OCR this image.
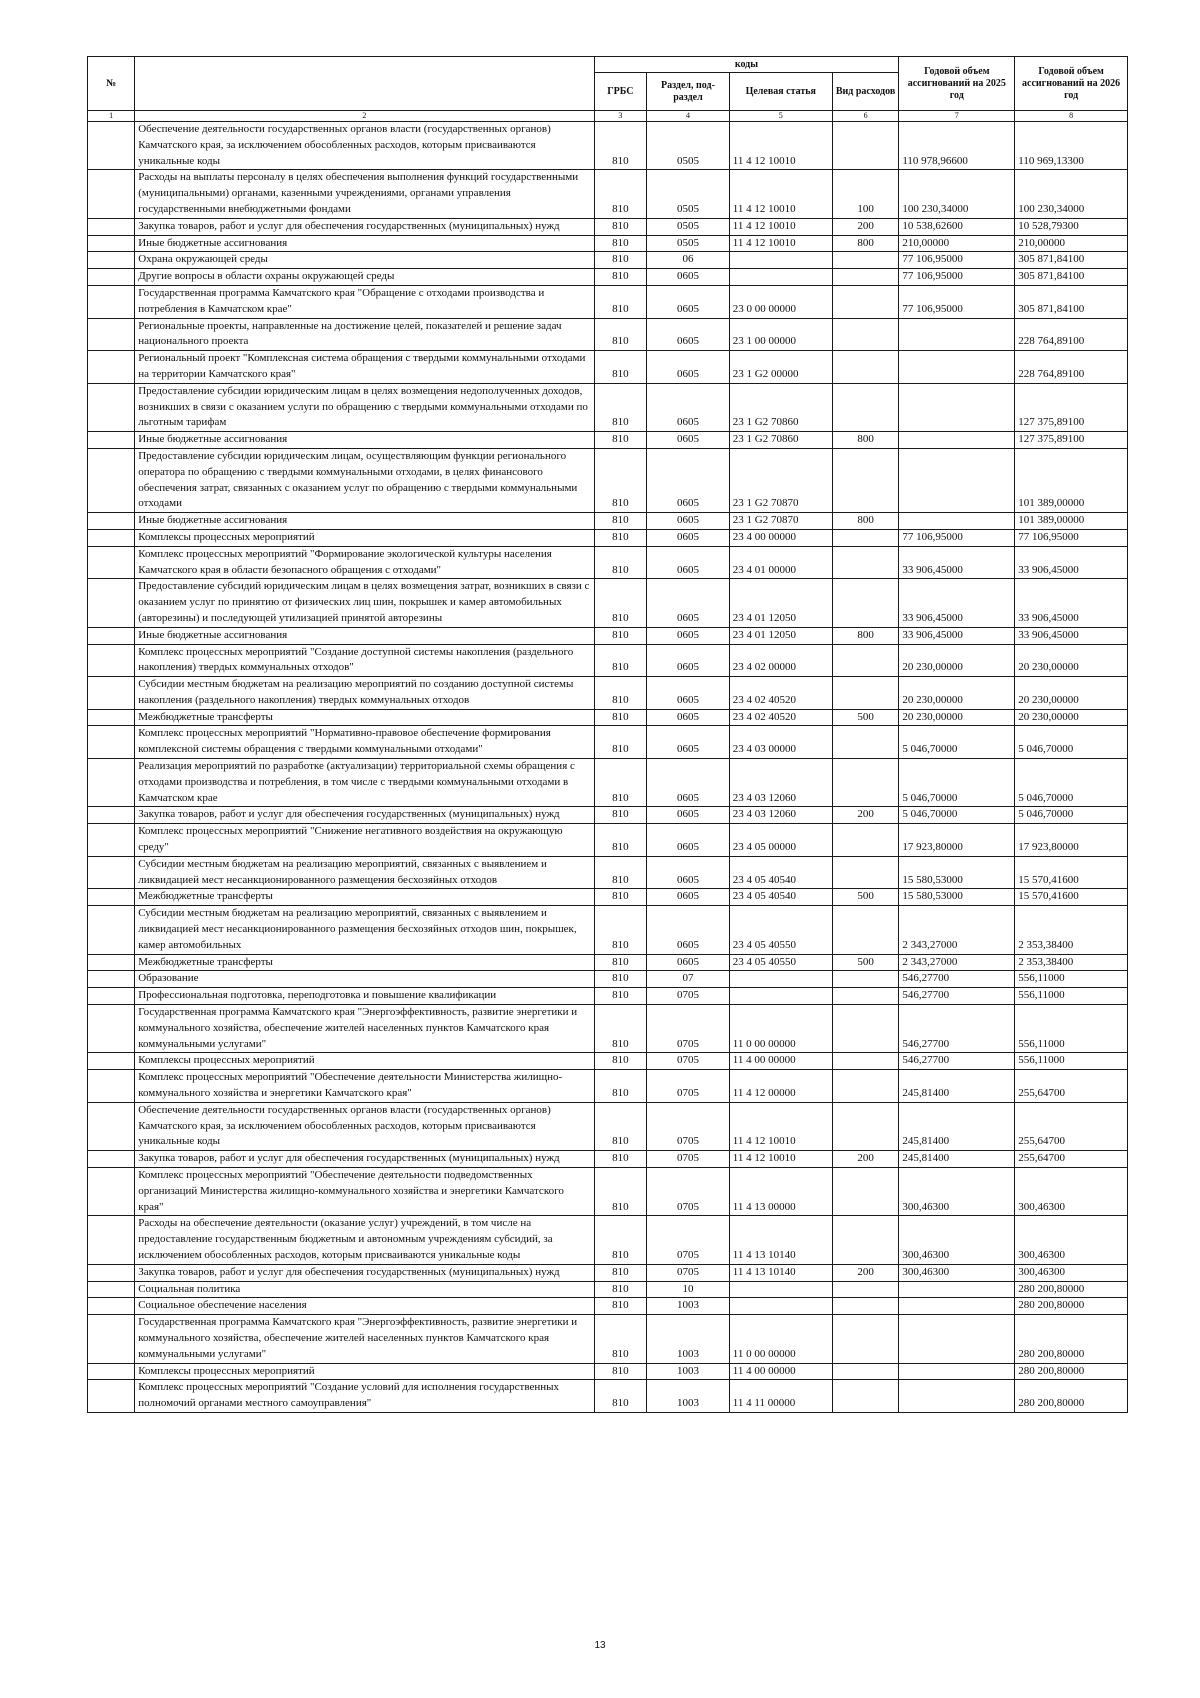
№		коды				Годовой объем ассигнований на 2025 год	Годовой объем ассигнований на 2026 год
		ГРБС	Раздел, под-раздел	Целевая статья	Вид расходов		
1	2	3	4	5	6	7	8
	Обеспечение деятельности государственных органов власти (государственных органов) Камчатского края, за исключением обособленных расходов, которым присваиваются уникальные коды	810	0505	11 4 12 10010		110 978,96600	110 969,13300
	Расходы на выплаты персоналу в целях обеспечения выполнения функций государственными (муниципальными) органами, казенными учреждениями, органами управления государственными внебюджетными фондами	810	0505	11 4 12 10010	100	100 230,34000	100 230,34000
	Закупка товаров, работ и услуг для обеспечения государственных (муниципальных) нужд	810	0505	11 4 12 10010	200	10 538,62600	10 528,79300
	Иные бюджетные ассигнования	810	0505	11 4 12 10010	800	210,00000	210,00000
	Охрана окружающей среды	810	06			77 106,95000	305 871,84100
	Другие вопросы в области охраны окружающей среды	810	0605			77 106,95000	305 871,84100
	Государственная программа Камчатского края "Обращение с отходами производства и потребления в Камчатском крае"	810	0605	23 0 00 00000		77 106,95000	305 871,84100
	Региональные проекты, направленные на достижение целей, показателей и решение задач национального проекта	810	0605	23 1 00 00000			228 764,89100
	Региональный проект "Комплексная система обращения с твердыми коммунальными отходами на территории Камчатского края"	810	0605	23 1 G2 00000			228 764,89100
	Предоставление субсидии юридическим лицам в целях возмещения недополученных доходов, возникших в связи с оказанием услуги по обращению с твердыми коммунальными отходами по льготным тарифам	810	0605	23 1 G2 70860			127 375,89100
	Иные бюджетные ассигнования	810	0605	23 1 G2 70860	800		127 375,89100
	Предоставление субсидии юридическим лицам, осуществляющим функции регионального оператора по обращению с твердыми коммунальными отходами, в целях финансового обеспечения затрат, связанных с оказанием услуг по обращению с твердыми коммунальными отходами	810	0605	23 1 G2 70870			101 389,00000
	Иные бюджетные ассигнования	810	0605	23 1 G2 70870	800		101 389,00000
	Комплексы процессных мероприятий	810	0605	23 4 00 00000		77 106,95000	77 106,95000
	Комплекс процессных мероприятий "Формирование экологической культуры населения Камчатского края в области безопасного обращения с отходами"	810	0605	23 4 01 00000		33 906,45000	33 906,45000
	Предоставление субсидий юридическим лицам в целях возмещения затрат, возникших в связи с оказанием услуг по принятию от физических лиц шин, покрышек и камер автомобильных (авторезины) и последующей утилизацией принятой авторезины	810	0605	23 4 01 12050		33 906,45000	33 906,45000
	Иные бюджетные ассигнования	810	0605	23 4 01 12050	800	33 906,45000	33 906,45000
	Комплекс процессных мероприятий "Создание доступной системы накопления (раздельного накопления) твердых коммунальных отходов"	810	0605	23 4 02 00000		20 230,00000	20 230,00000
	Субсидии местным бюджетам на реализацию мероприятий по созданию доступной системы накопления (раздельного накопления) твердых коммунальных отходов	810	0605	23 4 02 40520		20 230,00000	20 230,00000
	Межбюджетные трансферты	810	0605	23 4 02 40520	500	20 230,00000	20 230,00000
	Комплекс процессных мероприятий "Нормативно-правовое обеспечение формирования комплексной системы обращения с твердыми коммунальными отходами"	810	0605	23 4 03 00000		5 046,70000	5 046,70000
	Реализация мероприятий по разработке (актуализации) территориальной схемы обращения с отходами производства и потребления, в том числе с твердыми коммунальными отходами в Камчатском крае	810	0605	23 4 03 12060		5 046,70000	5 046,70000
	Закупка товаров, работ и услуг для обеспечения государственных (муниципальных) нужд	810	0605	23 4 03 12060	200	5 046,70000	5 046,70000
	Комплекс процессных мероприятий "Снижение негативного воздействия на окружающую среду"	810	0605	23 4 05 00000		17 923,80000	17 923,80000
	Субсидии местным бюджетам на реализацию мероприятий, связанных с выявлением и ликвидацией мест несанкционированного размещения бесхозяйных отходов	810	0605	23 4 05 40540		15 580,53000	15 570,41600
	Межбюджетные трансферты	810	0605	23 4 05 40540	500	15 580,53000	15 570,41600
	Субсидии местным бюджетам на реализацию мероприятий, связанных с выявлением и ликвидацией мест несанкционированного размещения бесхозяйных отходов шин, покрышек, камер автомобильных	810	0605	23 4 05 40550		2 343,27000	2 353,38400
	Межбюджетные трансферты	810	0605	23 4 05 40550	500	2 343,27000	2 353,38400
	Образование	810	07			546,27700	556,11000
	Профессиональная подготовка, переподготовка и повышение квалификации	810	0705			546,27700	556,11000
	Государственная программа Камчатского края "Энергоэффективность, развитие энергетики и коммунального хозяйства, обеспечение жителей населенных пунктов Камчатского края коммунальными услугами"	810	0705	11 0 00 00000		546,27700	556,11000
	Комплексы процессных мероприятий	810	0705	11 4 00 00000		546,27700	556,11000
	Комплекс процессных мероприятий "Обеспечение деятельности Министерства жилищно-коммунального хозяйства и энергетики Камчатского края"	810	0705	11 4 12 00000		245,81400	255,64700
	Обеспечение деятельности государственных органов власти (государственных органов) Камчатского края, за исключением обособленных расходов, которым присваиваются уникальные коды	810	0705	11 4 12 10010		245,81400	255,64700
	Закупка товаров, работ и услуг для обеспечения государственных (муниципальных) нужд	810	0705	11 4 12 10010	200	245,81400	255,64700
	Комплекс процессных мероприятий "Обеспечение деятельности подведомственных организаций Министерства жилищно-коммунального хозяйства и энергетики Камчатского края"	810	0705	11 4 13 00000		300,46300	300,46300
	Расходы на обеспечение деятельности (оказание услуг) учреждений, в том числе на предоставление государственным бюджетным и автономным учреждениям субсидий, за исключением обособленных расходов, которым присваиваются уникальные коды	810	0705	11 4 13 10140		300,46300	300,46300
	Закупка товаров, работ и услуг для обеспечения государственных (муниципальных) нужд	810	0705	11 4 13 10140	200	300,46300	300,46300
	Социальная политика	810	10				280 200,80000
	Социальное обеспечение населения	810	1003				280 200,80000
	Государственная программа Камчатского края "Энергоэффективность, развитие энергетики и коммунального хозяйства, обеспечение жителей населенных пунктов Камчатского края коммунальными услугами"	810	1003	11 0 00 00000			280 200,80000
	Комплексы процессных мероприятий	810	1003	11 4 00 00000			280 200,80000
	Комплекс процессных мероприятий "Создание условий для исполнения государственных полномочий органами местного самоуправления"	810	1003	11 4 11 00000			280 200,80000
13
